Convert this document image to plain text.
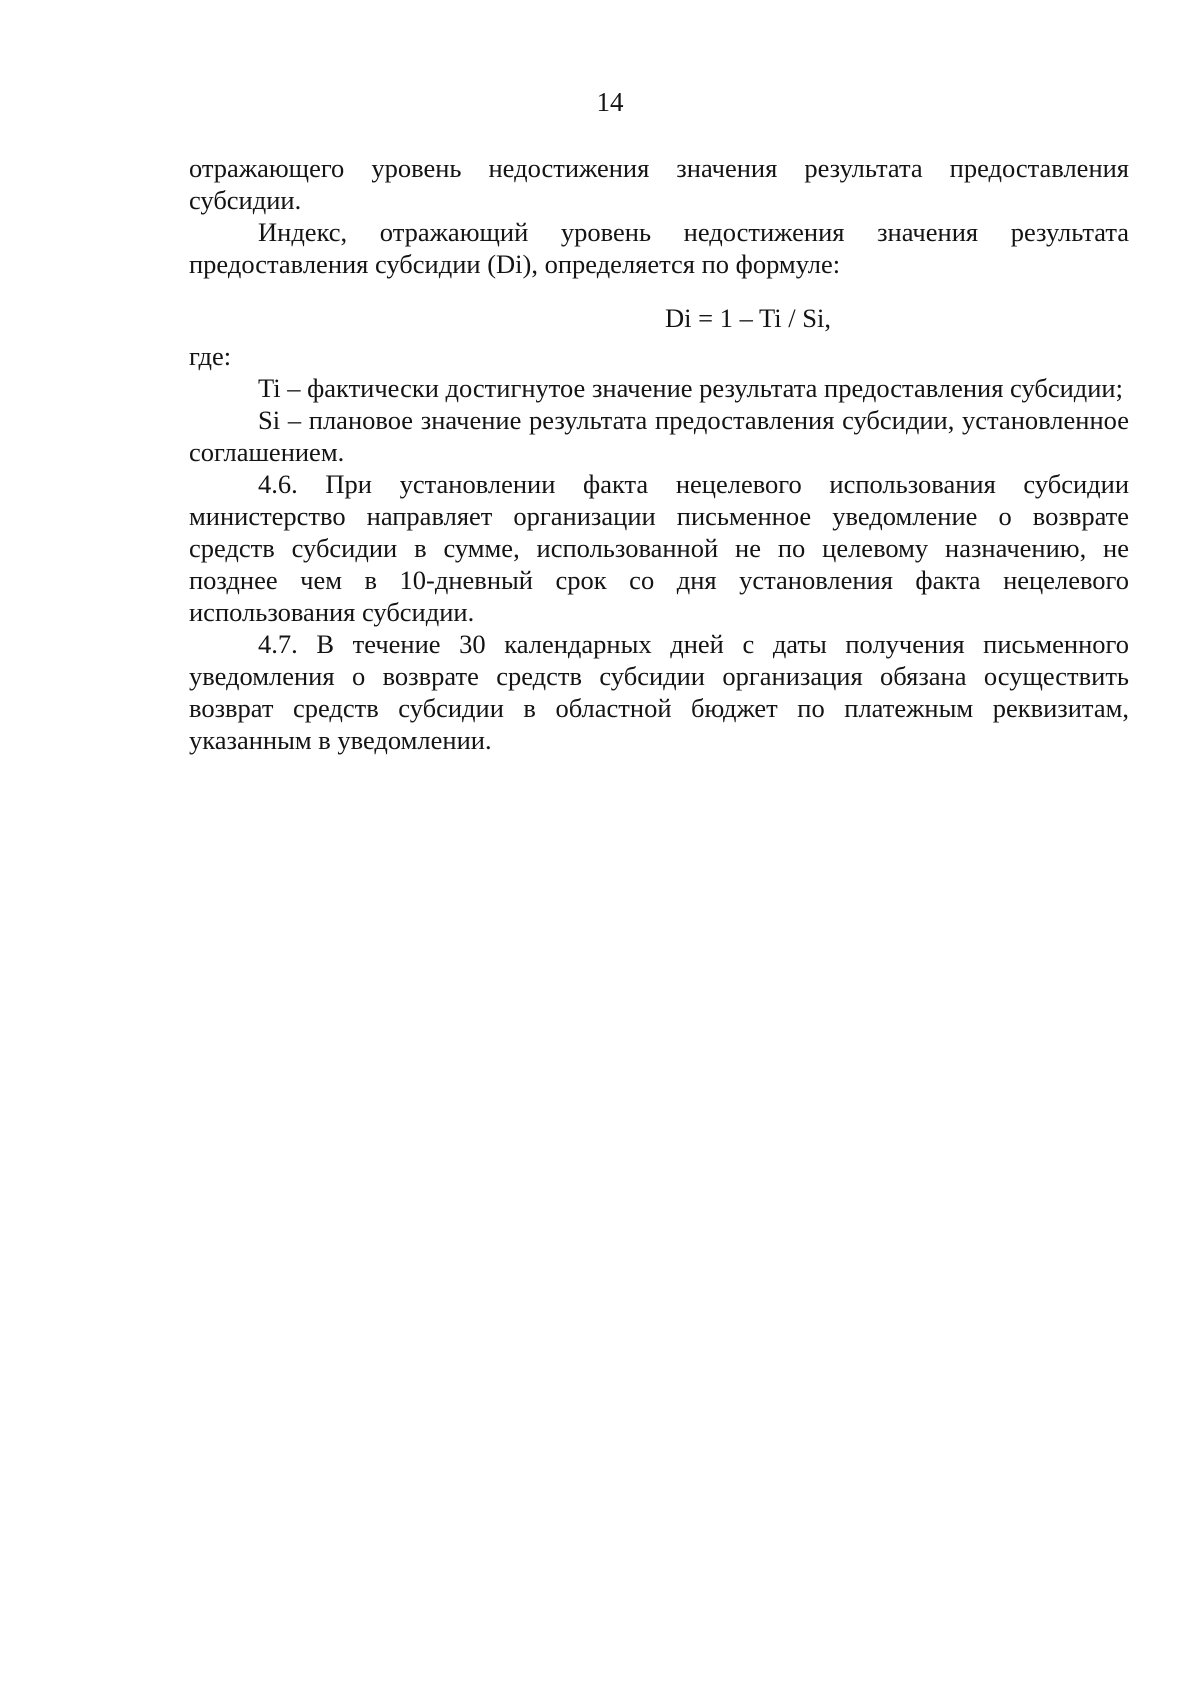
14

отражающего уровень недостижения значения результата предоставления субсидии.

Индекс, отражающий уровень недостижения значения результата предоставления субсидии (Di), определяется по формуле:

Di = 1 – Ti / Si,

где:

Ti – фактически достигнутое значение результата предоставления субсидии;

Si – плановое значение результата предоставления субсидии, установленное соглашением.

4.6. При установлении факта нецелевого использования субсидии министерство направляет организации письменное уведомление о возврате средств субсидии в сумме, использованной не по целевому назначению, не позднее чем в 10-дневный срок со дня установления факта нецелевого использования субсидии.

4.7. В течение 30 календарных дней с даты получения письменного уведомления о возврате средств субсидии организация обязана осуществить возврат средств субсидии в областной бюджет по платежным реквизитам, указанным в уведомлении.
